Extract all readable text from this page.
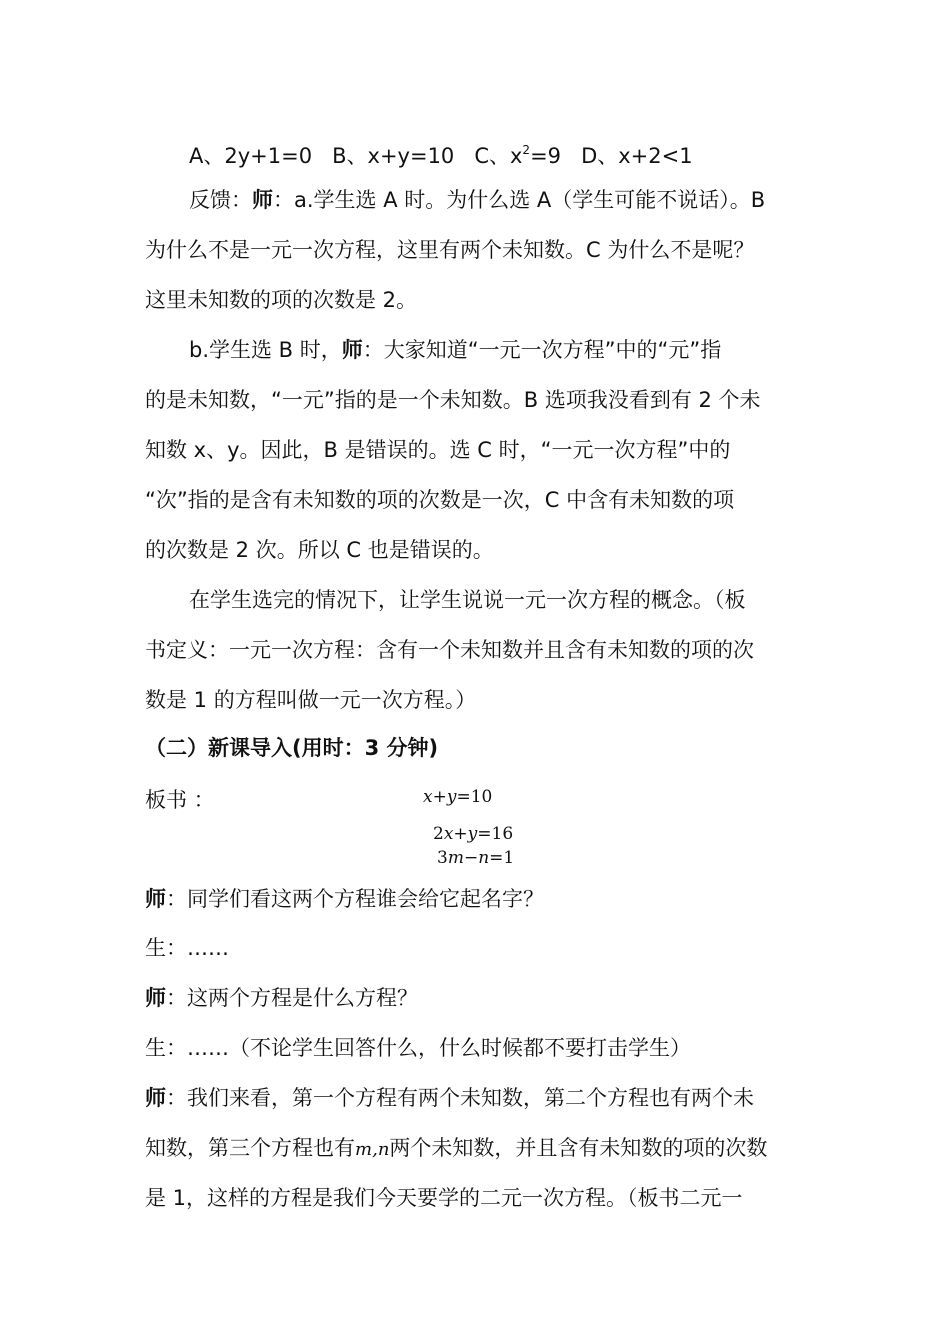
A、2y+1=0 B、x+y=10 C、$x^2=9$ D、x+2<1
反馈：师：a.学生选 A 时。为什么选 A（学生可能不说话）。B
为什么不是一元一次方程，这里有两个未知数。C 为什么不是呢？
这里未知数的项的次数是 2。
b.学生选 B 时，师：大家知道“一元一次方程”中的“元”指
的是未知数，“一元”指的是一个未知数。B 选项我没看到有 2 个未
知数 x、y。因此，B 是错误的。选 C 时，“一元一次方程”中的
“次”指的是含有未知数的项的次数是一次，C 中含有未知数的项
的次数是 2 次。所以 C 也是错误的。
在学生选完的情况下，让学生说说一元一次方程的概念。（板
书定义：一元一次方程：含有一个未知数并且含有未知数的项的次
数是 1 的方程叫做一元一次方程。）
（二）新课导入(用时：3 分钟)
板书 ：	x+y=10
2x+y=16
3m−n=1
师：同学们看这两个方程谁会给它起名字？
生：……
师：这两个方程是什么方程？
生：……（不论学生回答什么，什么时候都不要打击学生）
师：我们来看，第一个方程有两个未知数，第二个方程也有两个未
知数，第三个方程也有m,n两个未知数，并且含有未知数的项的次数
是 1，这样的方程是我们今天要学的二元一次方程。（板书二元一
